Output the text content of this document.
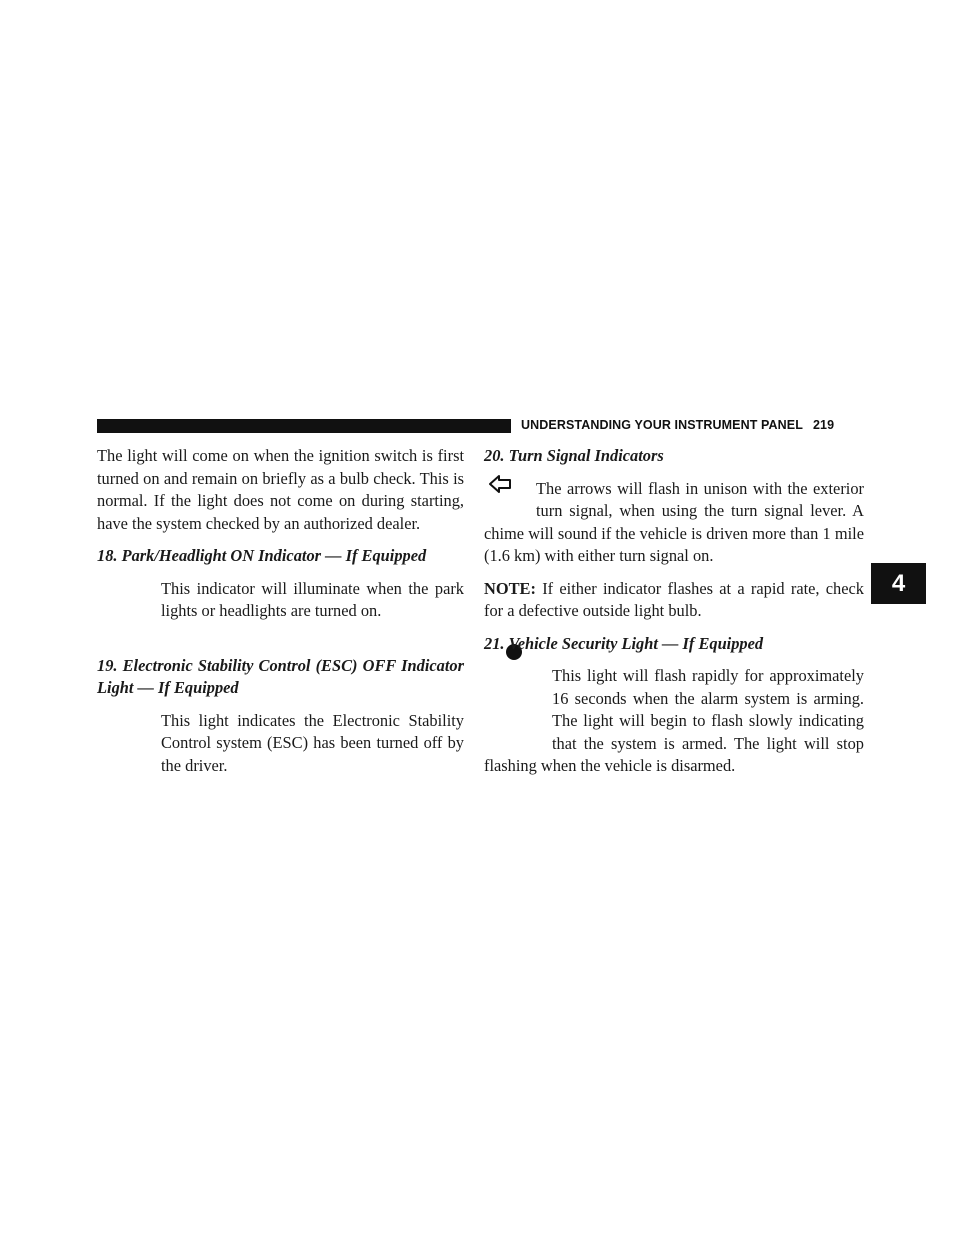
UNDERSTANDING YOUR INSTRUMENT PANEL 219
4

The light will come on when the ignition switch is first turned on and remain on briefly as a bulb check. This is normal. If the light does not come on during starting, have the system checked by an authorized dealer.

18. Park/Headlight ON Indicator — If Equipped

This indicator will illuminate when the park lights or headlights are turned on.

19. Electronic Stability Control (ESC) OFF Indicator Light — If Equipped

This light indicates the Electronic Stability Control system (ESC) has been turned off by the driver.

20. Turn Signal Indicators

The arrows will flash in unison with the exterior

turn signal, when using the turn signal lever. A

chime will sound if the vehicle is driven more than 1 mile (1.6 km) with either turn signal on.

NOTE: If either indicator flashes at a rapid rate, check for a defective outside light bulb.

21. Vehicle Security Light — If Equipped

This light will flash rapidly for approximately

16 seconds when the alarm system is arming.

The light will begin to flash slowly indicating

that the system is armed. The light will stop

flashing when the vehicle is disarmed.
